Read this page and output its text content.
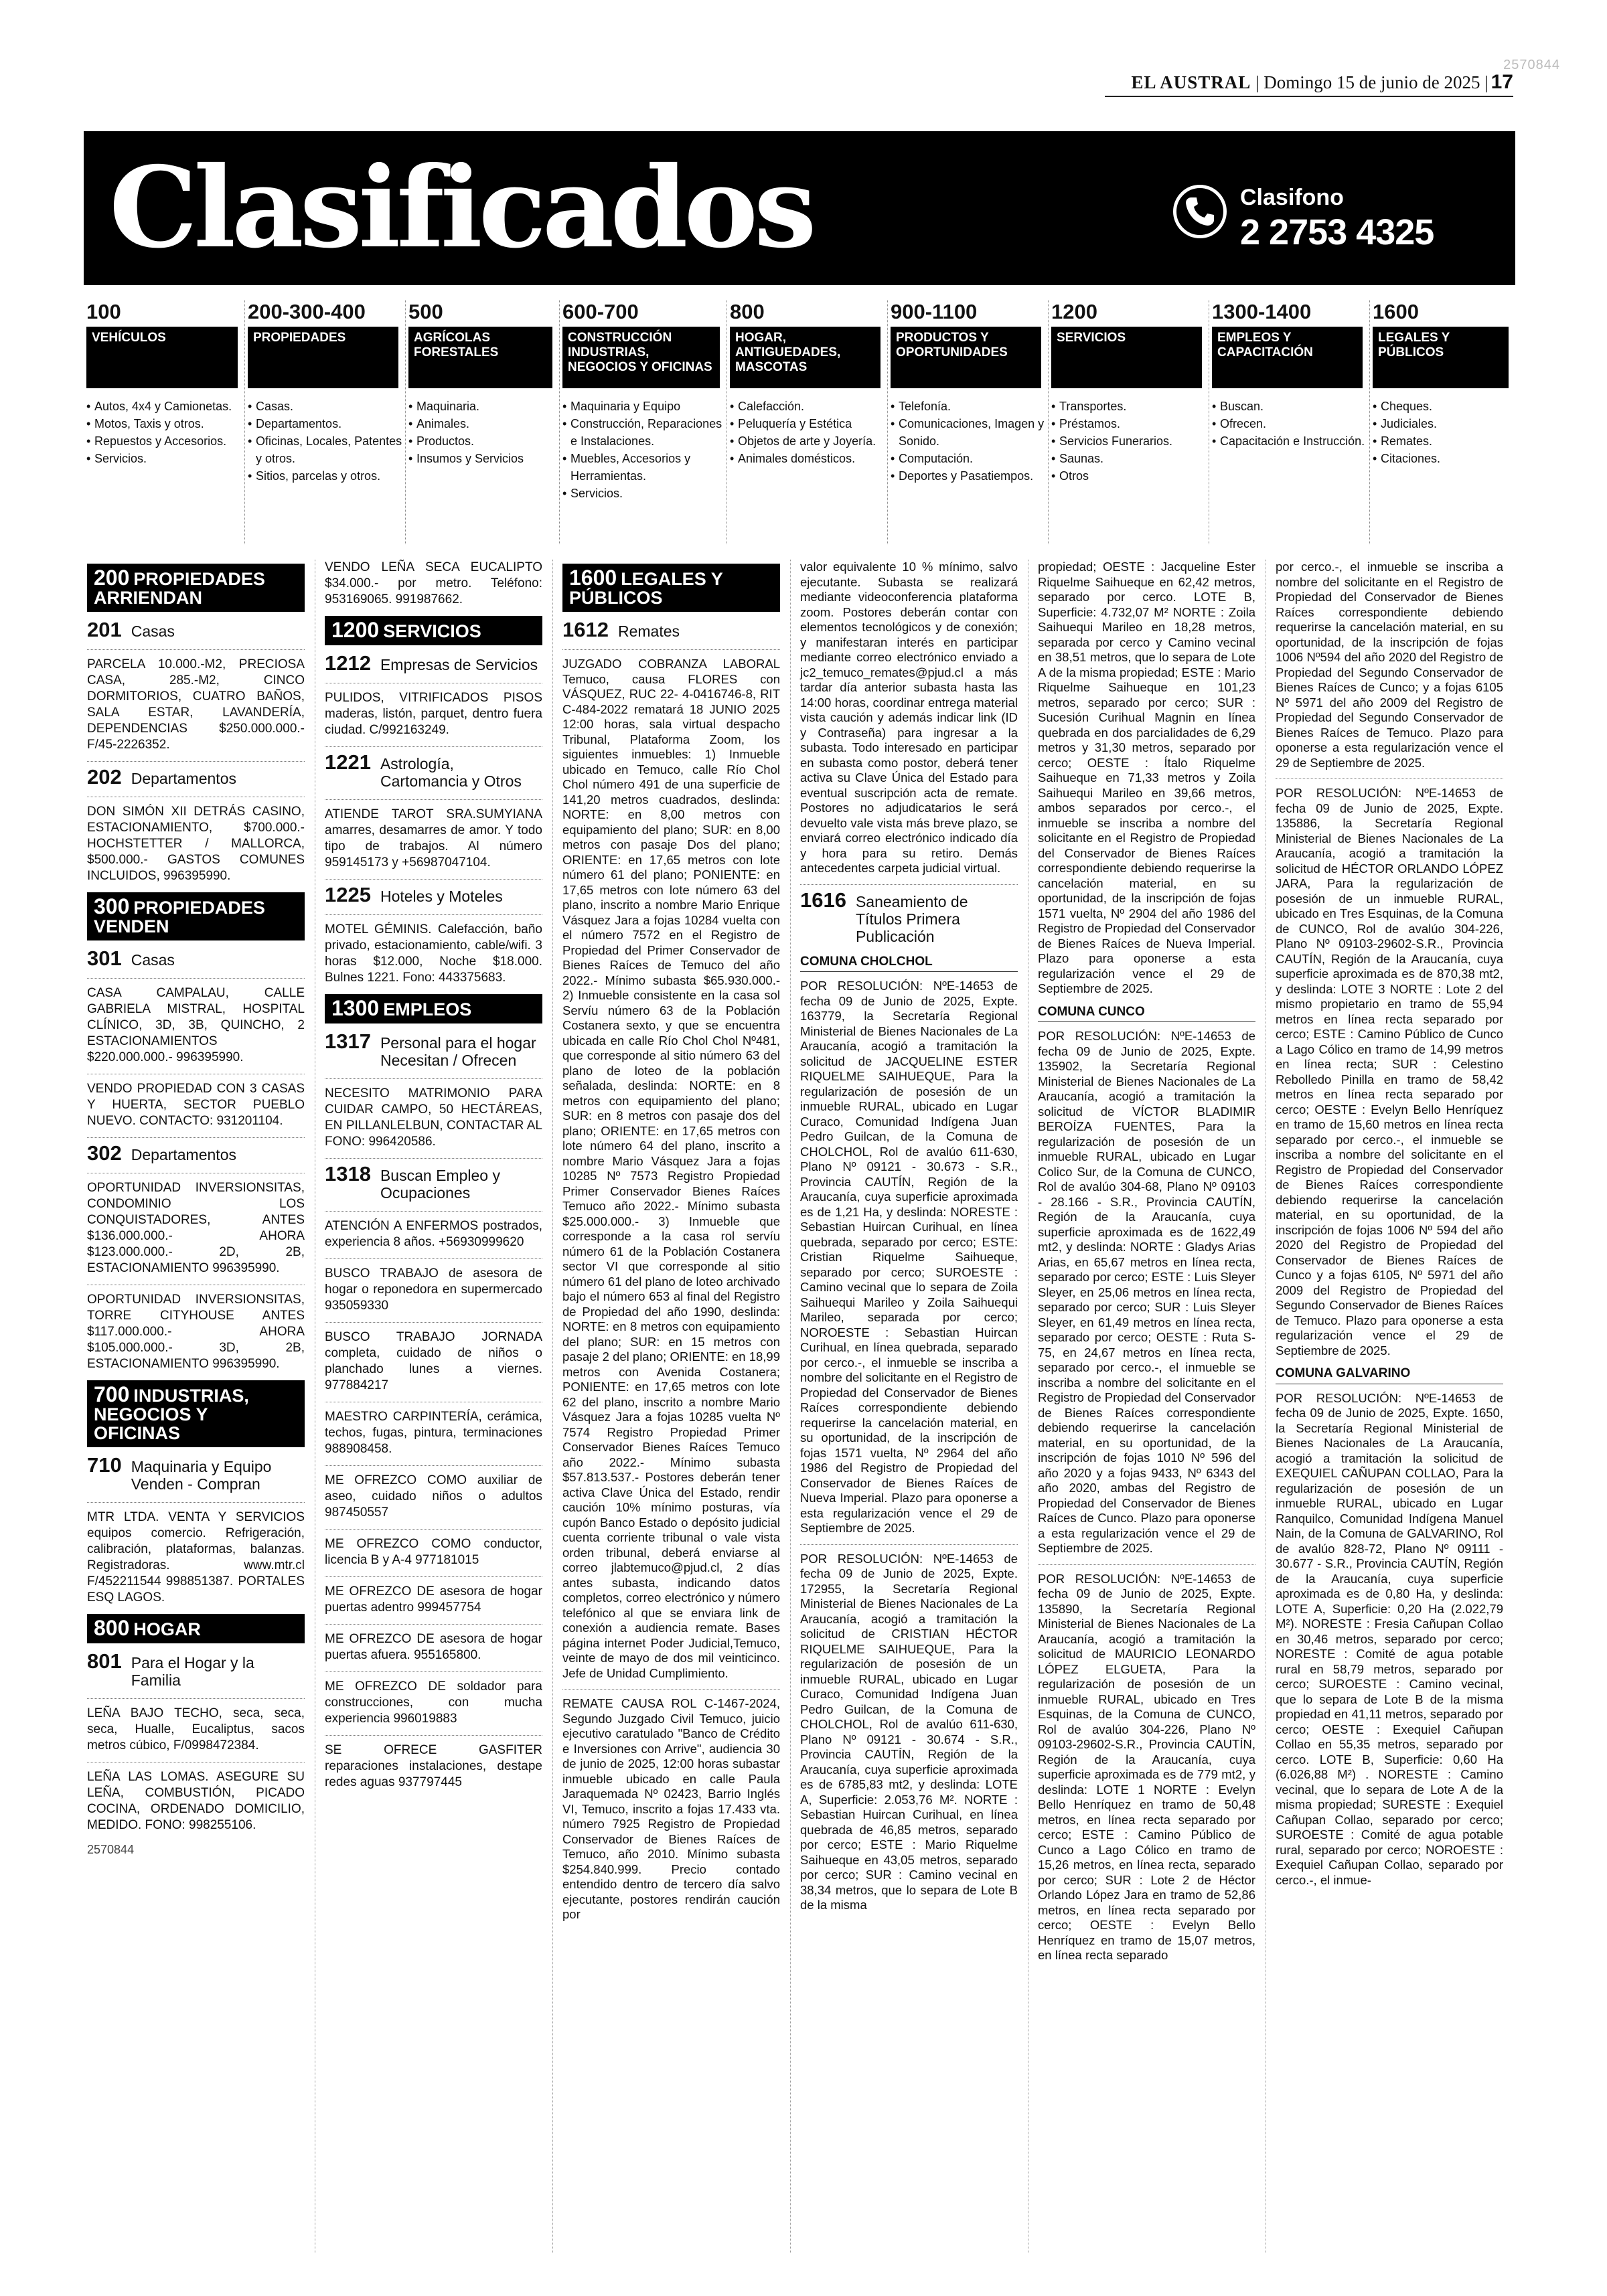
2570844
EL AUSTRAL | Domingo 15 de junio de 2025 | 17
Clasificados	Clasifono
2 2753 4325
100
VEHÍCULOS
• Autos, 4x4 y Camionetas.
• Motos, Taxis y otros.
• Repuestos y Accesorios.
• Servicios.
200-300-400
PROPIEDADES
• Casas.
• Departamentos.
• Oficinas, Locales, Patentes y otros.
• Sitios, parcelas y otros.
500
AGRÍCOLAS FORESTALES
• Maquinaria.
• Animales.
• Productos.
• Insumos y Servicios
600-700
CONSTRUCCIÓN INDUSTRIAS, NEGOCIOS Y OFICINAS
• Maquinaria y Equipo
• Construcción, Reparaciones e Instalaciones.
• Muebles, Accesorios y Herramientas.
• Servicios.
800
HOGAR, ANTIGUEDADES, MASCOTAS
• Calefacción.
• Peluquería y Estética
• Objetos de arte y Joyería.
• Animales domésticos.
900-1100
PRODUCTOS Y OPORTUNIDADES
• Telefonía.
• Comunicaciones, Imagen y Sonido.
• Computación.
• Deportes y Pasatiempos.
1200
SERVICIOS
• Transportes.
• Préstamos.
• Servicios Funerarios.
• Saunas.
• Otros
1300-1400
EMPLEOS Y CAPACITACIÓN
• Buscan.
• Ofrecen.
• Capacitación e Instrucción.
1600
LEGALES Y PÚBLICOS
• Cheques.
• Judiciales.
• Remates.
• Citaciones.
200 PROPIEDADES ARRIENDAN
201 Casas

PARCELA 10.000.-M2, PRECIOSA CASA, 285.-M2, CINCO DORMITORIOS, CUATRO BAÑOS, SALA ESTAR, LAVANDERÍA, DEPENDENCIAS $250.000.000.- F/45-2226352.

202 Departamentos

DON SIMÓN XII DETRÁS CASINO, ESTACIONAMIENTO, $700.000.- HOCHSTETTER / MALLORCA, $500.000.- GASTOS COMUNES INCLUIDOS, 996395990.

300 PROPIEDADES VENDEN
301 Casas

CASA CAMPALAU, CALLE GABRIELA MISTRAL, HOSPITAL CLÍNICO, 3D, 3B, QUINCHO, 2 ESTACIONAMIENTOS $220.000.000.- 996395990.

VENDO PROPIEDAD CON 3 CASAS Y HUERTA, SECTOR PUEBLO NUEVO. CONTACTO: 931201104.

302 Departamentos

OPORTUNIDAD INVERSIONSITAS, CONDOMINIO LOS CONQUISTADORES, ANTES $136.000.000.- AHORA $123.000.000.- 2D, 2B, ESTACIONAMIENTO 996395990.

OPORTUNIDAD INVERSIONSITAS, TORRE CITYHOUSE ANTES $117.000.000.- AHORA $105.000.000.- 3D, 2B, ESTACIONAMIENTO 996395990.

700 INDUSTRIAS, NEGOCIOS Y OFICINAS
710 Maquinaria y Equipo Venden - Compran

MTR LTDA. VENTA Y SERVICIOS equipos comercio. Refrigeración, calibración, plataformas, balanzas. Registradoras. www.mtr.cl F/452211544 998851387. PORTALES ESQ LAGOS.

800 HOGAR
801 Para el Hogar y la Familia

LEÑA BAJO TECHO, seca, seca, seca, Hualle, Eucaliptus, sacos metros cúbico, F/0998472384.

LEÑA LAS LOMAS. ASEGURE SU LEÑA, COMBUSTIÓN, PICADO COCINA, ORDENADO DOMICILIO, MEDIDO. FONO: 998255106.

2570844

VENDO LEÑA SECA EUCALIPTO $34.000.- por metro. Teléfono: 953169065. 991987662.

1200 SERVICIOS
1212 Empresas de Servicios

PULIDOS, VITRIFICADOS PISOS maderas, listón, parquet, dentro fuera ciudad. C/992163249.

1221 Astrología, Cartomancia y Otros

ATIENDE TAROT SRA.SUMYIANA amarres, desamarres de amor. Y todo tipo de trabajos. Al número 959145173 y +56987047104.

1225 Hoteles y Moteles

MOTEL GÉMINIS. Calefacción, baño privado, estacionamiento, cable/wifi. 3 horas $12.000, Noche $18.000. Bulnes 1221. Fono: 443375683.

1300 EMPLEOS
1317 Personal para el hogar Necesitan / Ofrecen

NECESITO MATRIMONIO PARA CUIDAR CAMPO, 50 HECTÁREAS, EN PILLANLELBUN, CONTACTAR AL FONO: 996420586.

1318 Buscan Empleo y Ocupaciones

ATENCIÓN A ENFERMOS postrados, experiencia 8 años. +56930999620

BUSCO TRABAJO de asesora de hogar o reponedora en supermercado 935059330

BUSCO TRABAJO JORNADA completa, cuidado de niños o planchado lunes a viernes. 977884217

MAESTRO CARPINTERÍA, cerámica, techos, fugas, pintura, terminaciones 988908458.

ME OFREZCO COMO auxiliar de aseo, cuidado niños o adultos 987450557

ME OFREZCO COMO conductor, licencia B y A-4 977181015

ME OFREZCO DE asesora de hogar puertas adentro 999457754

ME OFREZCO DE asesora de hogar puertas afuera. 955165800.

ME OFREZCO DE soldador para construcciones, con mucha experiencia 996019883

SE OFRECE GASFITER reparaciones instalaciones, destape redes aguas 937797445

1600 LEGALES Y PÚBLICOS
1612 Remates

JUZGADO COBRANZA LABORAL Temuco, causa FLORES con VÁSQUEZ, RUC 22- 4-0416746-8, RIT C-484-2022 rematará 18 JUNIO 2025 12:00 horas, sala virtual despacho Tribunal, Plataforma Zoom, los siguientes inmuebles: 1) Inmueble ubicado en Temuco, calle Río Chol Chol número 491 de una superficie de 141,20 metros cuadrados, deslinda: NORTE: en 8,00 metros con equipamiento del plano; SUR: en 8,00 metros con pasaje Dos del plano; ORIENTE: en 17,65 metros con lote número 61 del plano; PONIENTE: en 17,65 metros con lote número 63 del plano, inscrito a nombre Mario Enrique Vásquez Jara a fojas 10284 vuelta con el número 7572 en el Registro de Propiedad del Primer Conservador de Bienes Raíces de Temuco del año 2022.- Mínimo subasta $65.930.000.- 2) Inmueble consistente en la casa sol Servíu número 63 de la Población Costanera sexto, y que se encuentra ubicada en calle Río Chol Chol Nº481, que corresponde al sitio número 63 del plano de loteo de la población señalada, deslinda: NORTE: en 8 metros con equipamiento del plano; SUR: en 8 metros con pasaje dos del plano; ORIENTE: en 17,65 metros con lote número 64 del plano, inscrito a nombre Mario Vásquez Jara a fojas 10285 Nº 7573 Registro Propiedad Primer Conservador Bienes Raíces Temuco año 2022.- Mínimo subasta $25.000.000.- 3) Inmueble que corresponde a la casa rol servíu número 61 de la Población Costanera sector VI que corresponde al sitio número 61 del plano de loteo archivado bajo el número 653 al final del Registro de Propiedad del año 1990, deslinda: NORTE: en 8 metros con equipamiento del plano; SUR: en 15 metros con pasaje 2 del plano; ORIENTE: en 18,99 metros con Avenida Costanera; PONIENTE: en 17,65 metros con lote 62 del plano, inscrito a nombre Mario Vásquez Jara a fojas 10285 vuelta Nº 7574 Registro Propiedad Primer Conservador Bienes Raíces Temuco año 2022.- Mínimo subasta $57.813.537.- Postores deberán tener activa Clave Única del Estado, rendir caución 10% mínimo posturas, vía cupón Banco Estado o depósito judicial cuenta corriente tribunal o vale vista orden tribunal, deberá enviarse al correo jlabtemuco@pjud.cl, 2 días antes subasta, indicando datos completos, correo electrónico y número telefónico al que se enviara link de conexión a audiencia remate. Bases página internet Poder Judicial,Temuco, veinte de mayo de dos mil veinticinco. Jefe de Unidad Cumplimiento.

REMATE CAUSA ROL C-1467-2024, Segundo Juzgado Civil Temuco, juicio ejecutivo caratulado "Banco de Crédito e Inversiones con Arrive", audiencia 30 de junio de 2025, 12:00 horas subastar inmueble ubicado en calle Paula Jaraquemada Nº 02423, Barrio Inglés VI, Temuco, inscrito a fojas 17.433 vta. número 7925 Registro de Propiedad Conservador de Bienes Raíces de Temuco, año 2010. Mínimo subasta $254.840.999. Precio contado entendido dentro de tercero día salvo ejecutante, postores rendirán caución por

valor equivalente 10 % mínimo, salvo ejecutante. Subasta se realizará mediante videoconferencia plataforma zoom. Postores deberán contar con elementos tecnológicos y de conexión; y manifestaran interés en participar mediante correo electrónico enviado a jc2_temuco_remates@pjud.cl a más tardar día anterior subasta hasta las 14:00 horas, coordinar entrega material vista caución y además indicar link (ID y Contraseña) para ingresar a la subasta. Todo interesado en participar en subasta como postor, deberá tener activa su Clave Única del Estado para eventual suscripción acta de remate. Postores no adjudicatarios le será devuelto vale vista más breve plazo, se enviará correo electrónico indicado día y hora para su retiro. Demás antecedentes carpeta judicial virtual.

1616 Saneamiento de Títulos Primera Publicación
COMUNA CHOLCHOL

POR RESOLUCIÓN: NºE-14653 de fecha 09 de Junio de 2025, Expte. 163779, la Secretaría Regional Ministerial de Bienes Nacionales de La Araucanía, acogió a tramitación la solicitud de JACQUELINE ESTER RIQUELME SAIHUEQUE, Para la regularización de posesión de un inmueble RURAL, ubicado en Lugar Curaco, Comunidad Indígena Juan Pedro Guilcan, de la Comuna de CHOLCHOL, Rol de avalúo 611-630, Plano Nº 09121 - 30.673 - S.R., Provincia CAUTÍN, Región de la Araucanía, cuya superficie aproximada es de 1,21 Ha, y deslinda: NORESTE : Sebastian Huircan Curihual, en línea quebrada, separado por cerco; ESTE: Cristian Riquelme Saihueque, separado por cerco; SUROESTE : Camino vecinal que lo separa de Zoila Saihuequi Marileo y Zoila Saihuequi Marileo, separada por cerco; NOROESTE : Sebastian Huircan Curihual, en línea quebrada, separado por cerco.-, el inmueble se inscriba a nombre del solicitante en el Registro de Propiedad del Conservador de Bienes Raíces correspondiente debiendo requerirse la cancelación material, en su oportunidad, de la inscripción de fojas 1571 vuelta, Nº 2964 del año 1986 del Registro de Propiedad del Conservador de Bienes Raíces de Nueva Imperial. Plazo para oponerse a esta regularización vence el 29 de Septiembre de 2025.

POR RESOLUCIÓN: NºE-14653 de fecha 09 de Junio de 2025, Expte. 172955, la Secretaría Regional Ministerial de Bienes Nacionales de La Araucanía, acogió a tramitación la solicitud de CRISTIAN HÉCTOR RIQUELME SAIHUEQUE, Para la regularización de posesión de un inmueble RURAL, ubicado en Lugar Curaco, Comunidad Indígena Juan Pedro Guilcan, de la Comuna de CHOLCHOL, Rol de avalúo 611-630, Plano Nº 09121 - 30.674 - S.R., Provincia CAUTÍN, Región de la Araucanía, cuya superficie aproximada es de 6785,83 mt2, y deslinda: LOTE A, Superficie: 2.053,76 M². NORTE : Sebastian Huircan Curihual, en línea quebrada de 46,85 metros, separado por cerco; ESTE : Mario Riquelme Saihueque en 43,05 metros, separado por cerco; SUR : Camino vecinal en 38,34 metros, que lo separa de Lote B de la misma

propiedad; OESTE : Jacqueline Ester Riquelme Saihueque en 62,42 metros, separado por cerco. LOTE B, Superficie: 4.732,07 M² NORTE : Zoila Saihuequi Marileo en 18,28 metros, separada por cerco y Camino vecinal en 38,51 metros, que lo separa de Lote A de la misma propiedad; ESTE : Mario Riquelme Saihueque en 101,23 metros, separado por cerco; SUR : Sucesión Curihual Magnin en línea quebrada en dos parcialidades de 6,29 metros y 31,30 metros, separado por cerco; OESTE : Ítalo Riquelme Saihueque en 71,33 metros y Zoila Saihuequi Marileo en 39,66 metros, ambos separados por cerco.-, el inmueble se inscriba a nombre del solicitante en el Registro de Propiedad del Conservador de Bienes Raíces correspondiente debiendo requerirse la cancelación material, en su oportunidad, de la inscripción de fojas 1571 vuelta, Nº 2904 del año 1986 del Registro de Propiedad del Conservador de Bienes Raíces de Nueva Imperial. Plazo para oponerse a esta regularización vence el 29 de Septiembre de 2025.

COMUNA CUNCO

POR RESOLUCIÓN: NºE-14653 de fecha 09 de Junio de 2025, Expte. 135902, la Secretaría Regional Ministerial de Bienes Nacionales de La Araucanía, acogió a tramitación la solicitud de VÍCTOR BLADIMIR BEROÍZA FUENTES, Para la regularización de posesión de un inmueble RURAL, ubicado en Lugar Colico Sur, de la Comuna de CUNCO, Rol de avalúo 304-68, Plano Nº 09103 - 28.166 - S.R., Provincia CAUTÍN, Región de la Araucanía, cuya superficie aproximada es de 1622,49 mt2, y deslinda: NORTE : Gladys Arias Arias, en 65,67 metros en línea recta, separado por cerco; ESTE : Luis Sleyer Sleyer, en 25,06 metros en línea recta, separado por cerco; SUR : Luis Sleyer Sleyer, en 61,49 metros en línea recta, separado por cerco; OESTE : Ruta S-75, en 24,67 metros en línea recta, separado por cerco.-, el inmueble se inscriba a nombre del solicitante en el Registro de Propiedad del Conservador de Bienes Raíces correspondiente debiendo requerirse la cancelación material, en su oportunidad, de la inscripción de fojas 1010 Nº 596 del año 2020 y a fojas 9433, Nº 6343 del año 2020, ambas del Registro de Propiedad del Conservador de Bienes Raíces de Cunco. Plazo para oponerse a esta regularización vence el 29 de Septiembre de 2025.

POR RESOLUCIÓN: NºE-14653 de fecha 09 de Junio de 2025, Expte. 135890, la Secretaría Regional Ministerial de Bienes Nacionales de La Araucanía, acogió a tramitación la solicitud de MAURICIO LEONARDO LÓPEZ ELGUETA, Para la regularización de posesión de un inmueble RURAL, ubicado en Tres Esquinas, de la Comuna de CUNCO, Rol de avalúo 304-226, Plano Nº 09103-29602-S.R., Provincia CAUTÍN, Región de la Araucanía, cuya superficie aproximada es de 779 mt2, y deslinda: LOTE 1 NORTE : Evelyn Bello Henríquez en tramo de 50,48 metros, en línea recta separado por cerco; ESTE : Camino Público de Cunco a Lago Cólico en tramo de 15,26 metros, en línea recta, separado por cerco; SUR : Lote 2 de Héctor Orlando López Jara en tramo de 52,86 metros, en línea recta separado por cerco; OESTE : Evelyn Bello Henríquez en tramo de 15,07 metros, en línea recta separado

por cerco.-, el inmueble se inscriba a nombre del solicitante en el Registro de Propiedad del Conservador de Bienes Raíces correspondiente debiendo requerirse la cancelación material, en su oportunidad, de la inscripción de fojas 1006 Nº594 del año 2020 del Registro de Propiedad del Segundo Conservador de Bienes Raíces de Cunco; y a fojas 6105 Nº 5971 del año 2009 del Registro de Propiedad del Segundo Conservador de Bienes Raíces de Temuco. Plazo para oponerse a esta regularización vence el 29 de Septiembre de 2025.

POR RESOLUCIÓN: NºE-14653 de fecha 09 de Junio de 2025, Expte. 135886, la Secretaría Regional Ministerial de Bienes Nacionales de La Araucanía, acogió a tramitación la solicitud de HÉCTOR ORLANDO LÓPEZ JARA, Para la regularización de posesión de un inmueble RURAL, ubicado en Tres Esquinas, de la Comuna de CUNCO, Rol de avalúo 304-226, Plano Nº 09103-29602-S.R., Provincia CAUTÍN, Región de la Araucanía, cuya superficie aproximada es de 870,38 mt2, y deslinda: LOTE 3 NORTE : Lote 2 del mismo propietario en tramo de 55,94 metros en línea recta separado por cerco; ESTE : Camino Público de Cunco a Lago Cólico en tramo de 14,99 metros en línea recta; SUR : Celestino Rebolledo Pinilla en tramo de 58,42 metros en línea recta separado por cerco; OESTE : Evelyn Bello Henríquez en tramo de 15,60 metros en línea recta separado por cerco.-, el inmueble se inscriba a nombre del solicitante en el Registro de Propiedad del Conservador de Bienes Raíces correspondiente debiendo requerirse la cancelación material, en su oportunidad, de la inscripción de fojas 1006 Nº 594 del año 2020 del Registro de Propiedad del Conservador de Bienes Raíces de Cunco y a fojas 6105, Nº 5971 del año 2009 del Registro de Propiedad del Segundo Conservador de Bienes Raíces de Temuco. Plazo para oponerse a esta regularización vence el 29 de Septiembre de 2025.

COMUNA GALVARINO

POR RESOLUCIÓN: NºE-14653 de fecha 09 de Junio de 2025, Expte. 1650, la Secretaría Regional Ministerial de Bienes Nacionales de La Araucanía, acogió a tramitación la solicitud de EXEQUIEL CAÑUPAN COLLAO, Para la regularización de posesión de un inmueble RURAL, ubicado en Lugar Ranquilco, Comunidad Indígena Manuel Nain, de la Comuna de GALVARINO, Rol de avalúo 828-72, Plano Nº 09111 - 30.677 - S.R., Provincia CAUTÍN, Región de la Araucanía, cuya superficie aproximada es de 0,80 Ha, y deslinda: LOTE A, Superficie: 0,20 Ha (2.022,79 M²). NORESTE : Fresia Cañupan Collao en 30,46 metros, separado por cerco; NORESTE : Comité de agua potable rural en 58,79 metros, separado por cerco; SUROESTE : Camino vecinal, que lo separa de Lote B de la misma propiedad en 41,11 metros, separado por cerco; OESTE : Exequiel Cañupan Collao en 55,35 metros, separado por cerco. LOTE B, Superficie: 0,60 Ha (6.026,88 M²) . NORESTE : Camino vecinal, que lo separa de Lote A de la misma propiedad; SURESTE : Exequiel Cañupan Collao, separado por cerco; SUROESTE : Comité de agua potable rural, separado por cerco; NOROESTE : Exequiel Cañupan Collao, separado por cerco.-, el inmue-
